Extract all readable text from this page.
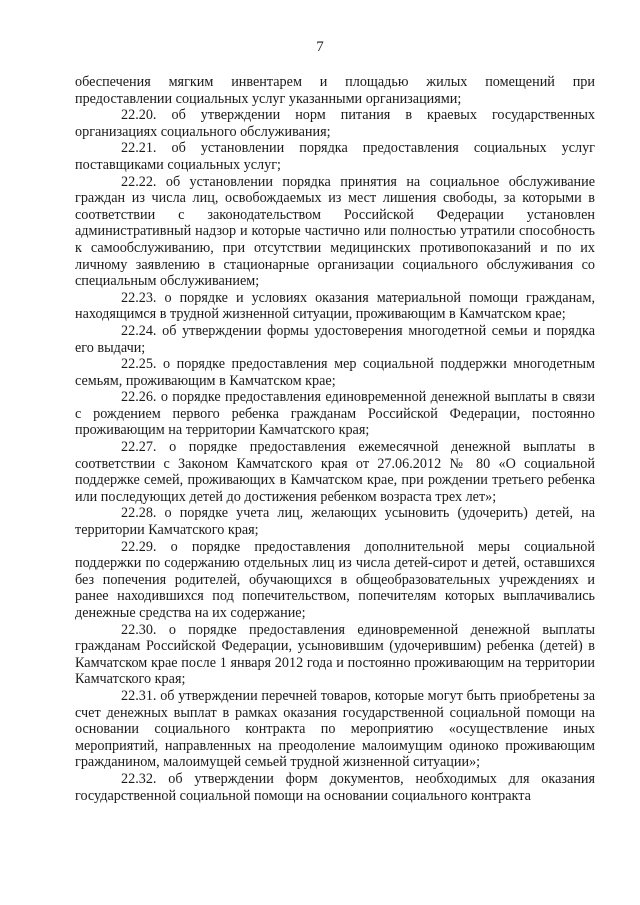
7

обеспечения мягким инвентарем и площадью жилых помещений при предоставлении социальных услуг указанными организациями;

22.20. об утверждении норм питания в краевых государственных организациях социального обслуживания;

22.21. об установлении порядка предоставления социальных услуг поставщиками социальных услуг;

22.22. об установлении порядка принятия на социальное обслуживание граждан из числа лиц, освобождаемых из мест лишения свободы, за которыми в соответствии с законодательством Российской Федерации установлен административный надзор и которые частично или полностью утратили способность к самообслуживанию, при отсутствии медицинских противопоказаний и по их личному заявлению в стационарные организации социального обслуживания со специальным обслуживанием;

22.23. о порядке и условиях оказания материальной помощи гражданам, находящимся в трудной жизненной ситуации, проживающим в Камчатском крае;

22.24. об утверждении формы удостоверения многодетной семьи и порядка его выдачи;

22.25. о порядке предоставления мер социальной поддержки многодетным семьям, проживающим в Камчатском крае;

22.26. о порядке предоставления единовременной денежной выплаты в связи с рождением первого ребенка гражданам Российской Федерации, постоянно проживающим на территории Камчатского края;

22.27. о порядке предоставления ежемесячной денежной выплаты в соответствии с Законом Камчатского края от 27.06.2012 № 80 «О социальной поддержке семей, проживающих в Камчатском крае, при рождении третьего ребенка или последующих детей до достижения ребенком возраста трех лет»;

22.28. о порядке учета лиц, желающих усыновить (удочерить) детей, на территории Камчатского края;

22.29. о порядке предоставления дополнительной меры социальной поддержки по содержанию отдельных лиц из числа детей-сирот и детей, оставшихся без попечения родителей, обучающихся в общеобразовательных учреждениях и ранее находившихся под попечительством, попечителям которых выплачивались денежные средства на их содержание;

22.30. о порядке предоставления единовременной денежной выплаты гражданам Российской Федерации, усыновившим (удочерившим) ребенка (детей) в Камчатском крае после 1 января 2012 года и постоянно проживающим на территории Камчатского края;

22.31. об утверждении перечней товаров, которые могут быть приобретены за счет денежных выплат в рамках оказания государственной социальной помощи на основании социального контракта по мероприятию «осуществление иных мероприятий, направленных на преодоление малоимущим одиноко проживающим гражданином, малоимущей семьей трудной жизненной ситуации»;

22.32. об утверждении форм документов, необходимых для оказания государственной социальной помощи на основании социального контракта
